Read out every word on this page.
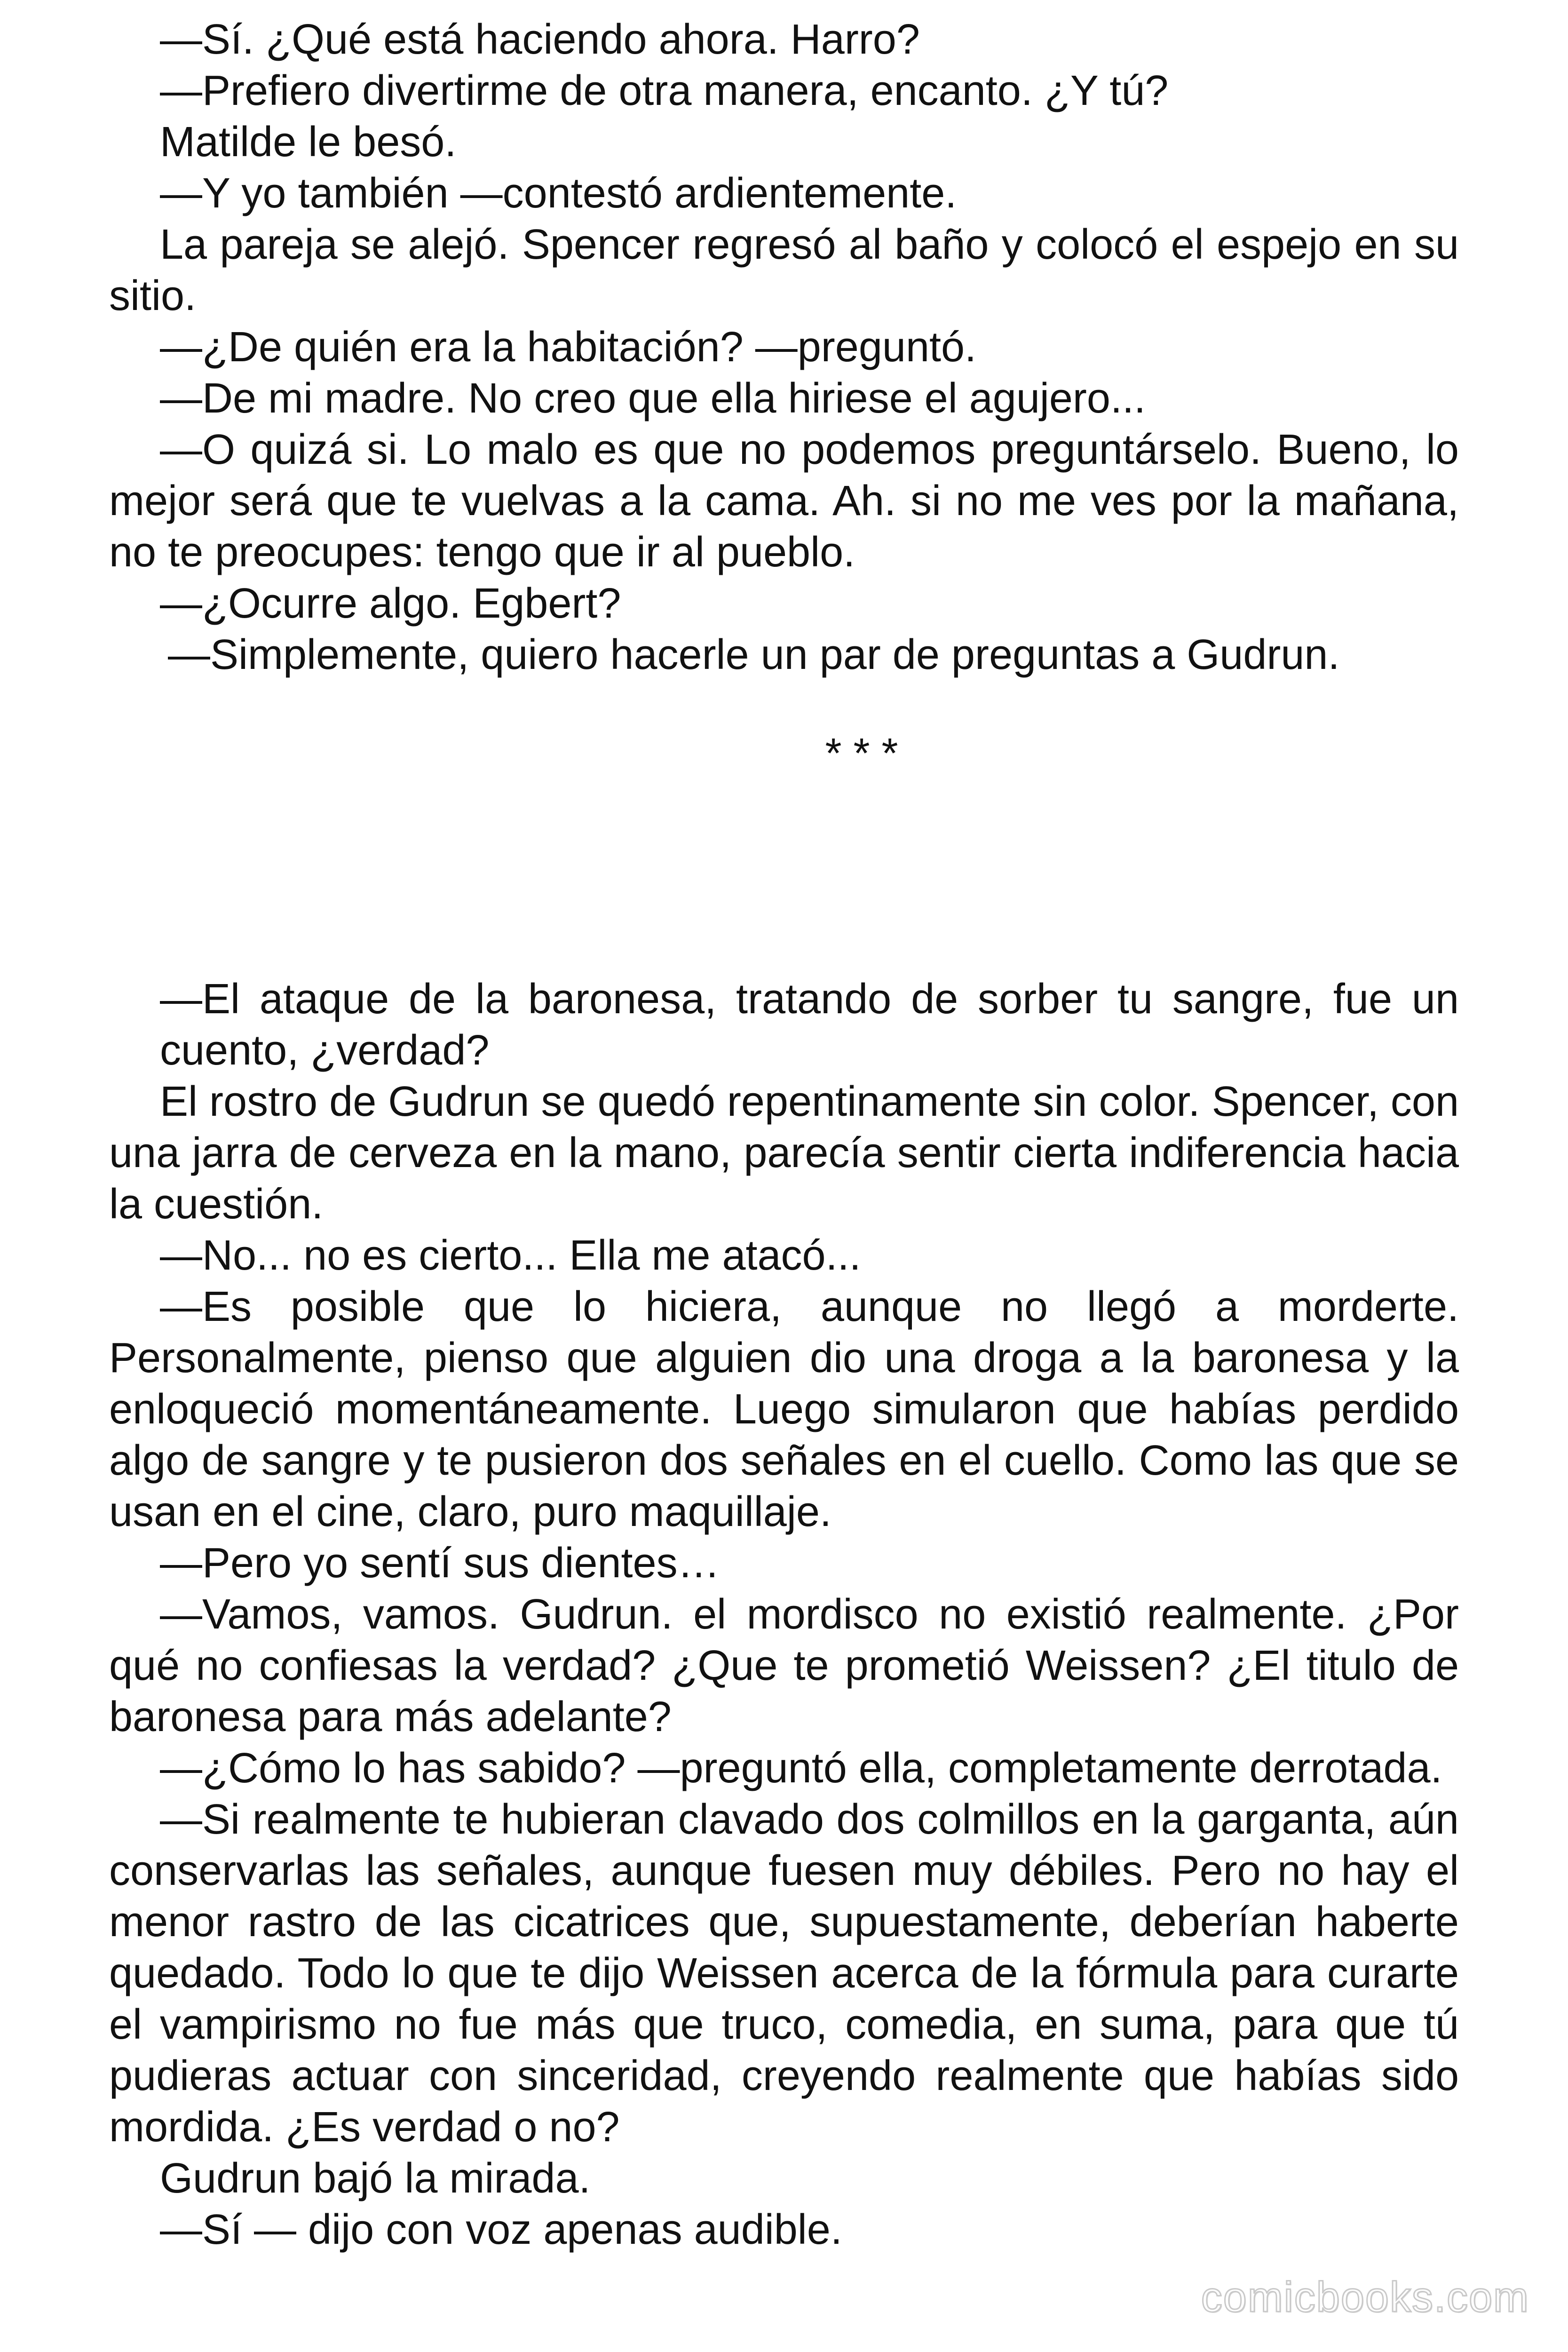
—Sí. ¿Qué está haciendo ahora. Harro?

—Prefiero divertirme de otra manera, encanto. ¿Y tú?

Matilde le besó.

—Y yo también —contestó ardientemente.

La pareja se alejó. Spencer regresó al baño y colocó el espejo en su sitio.

—¿De quién era la habitación? —preguntó.

—De mi madre. No creo que ella hiriese el agujero...

—O quizá si. Lo malo es que no podemos preguntárselo. Bueno, lo mejor será que te vuelvas a la cama. Ah. si no me ves por la mañana, no te preocupes: tengo que ir al pueblo.

—¿Ocurre algo. Egbert?

—Simplemente, quiero hacerle un par de preguntas a Gudrun.

* * *

—El ataque de la baronesa, tratando de sorber tu sangre, fue un cuento, ¿verdad?

El rostro de Gudrun se quedó repentinamente sin color. Spencer, con una jarra de cerveza en la mano, parecía sentir cierta indiferencia hacia la cuestión.

—No... no es cierto... Ella me atacó...

—Es posible que lo hiciera, aunque no llegó a morderte. Personalmente, pienso que alguien dio una droga a la baronesa y la enloqueció momentáneamente. Luego simularon que habías perdido algo de sangre y te pusieron dos señales en el cuello. Como las que se usan en el cine, claro, puro maquillaje.

—Pero yo sentí sus dientes…

—Vamos, vamos. Gudrun. el mordisco no existió realmente. ¿Por qué no confiesas la verdad? ¿Que te prometió Weissen? ¿El titulo de baronesa para más adelante?

—¿Cómo lo has sabido? —preguntó ella, completamente derrotada.

—Si realmente te hubieran clavado dos colmillos en la garganta, aún conservarlas las señales, aunque fuesen muy débiles. Pero no hay el menor rastro de las cicatrices que, supuestamente, deberían haberte quedado. Todo lo que te dijo Weissen acerca de la fórmula para curarte el vampirismo no fue más que truco, comedia, en suma, para que tú pudieras actuar con sinceridad, creyendo realmente que habías sido mordida. ¿Es verdad o no?

Gudrun bajó la mirada.

—Sí — dijo con voz apenas audible.

comicbooks.com
